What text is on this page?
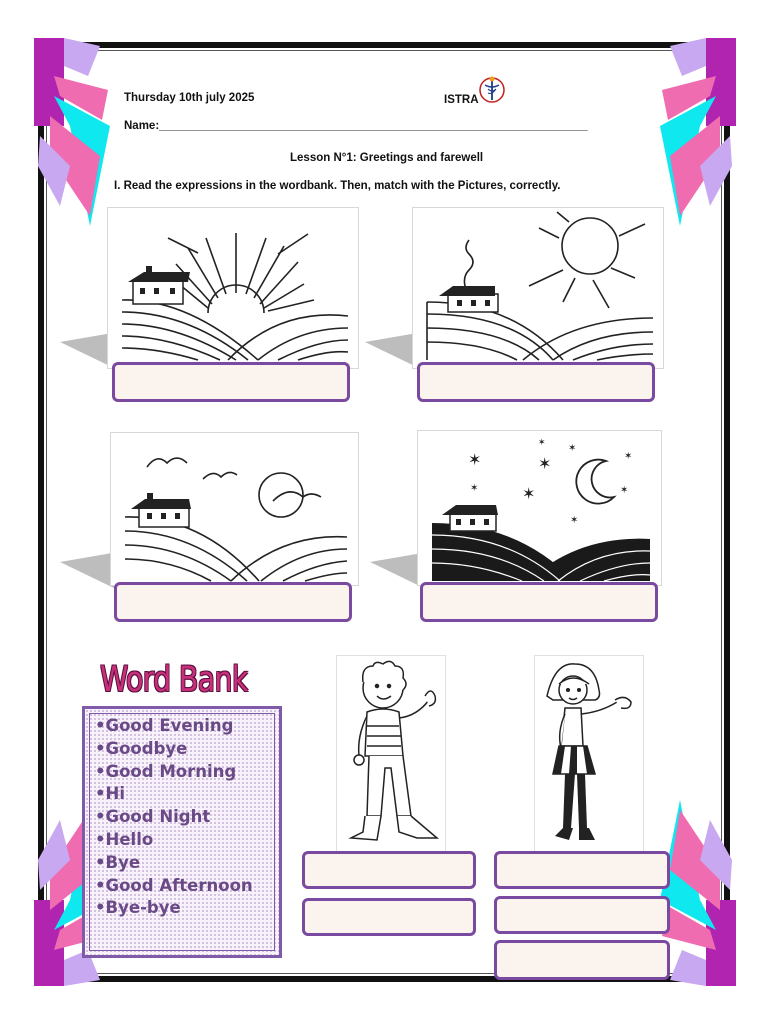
Thursday 10th july 2025	ISTRA
Name:___________________________________________________________________
Lesson N°1: Greetings and farewell
I. Read the expressions in the wordbank. Then, match with the Pictures, correctly.
✶	✶
✶
✶
✶
✶
✶
✶
✶
Word Bank
•Good Evening
•Goodbye
•Good Morning
•Hi
•Good Night
•Hello
•Bye
•Good Afternoon
•Bye-bye
